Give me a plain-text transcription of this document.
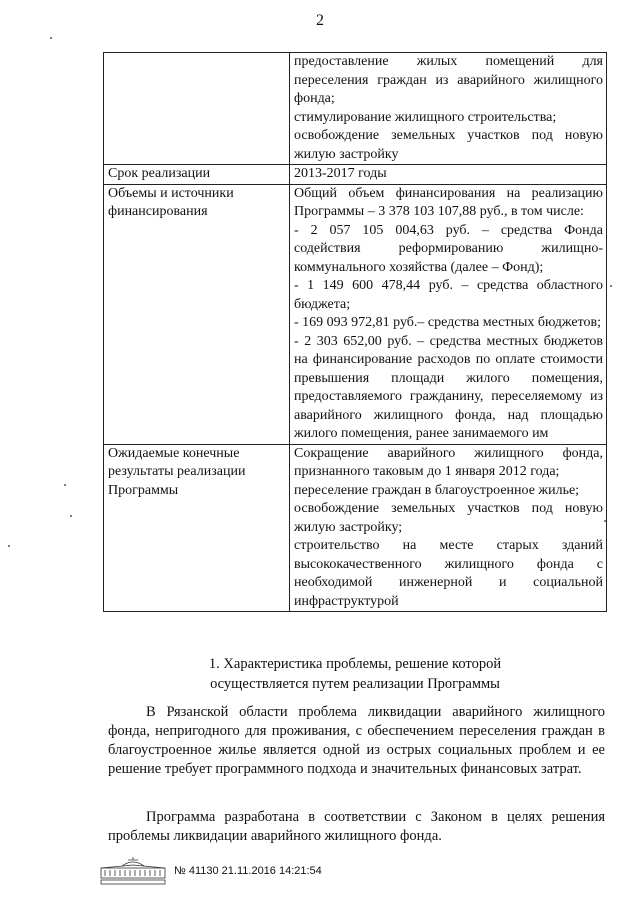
2

	предоставление жилых помещений для переселения граждан из аварийного жилищного фонда;
стимулирование жилищного строительства;
освобождение земельных участков под новую жилую застройку

Срок реализации	2013-2017 годы

Объемы и источники финансирования	Общий объем финансирования на реализацию Программы – 3 378 103 107,88 руб., в том числе:
- 2 057 105 004,63 руб. – средства Фонда содействия реформированию жилищно-коммунального хозяйства (далее – Фонд);
- 1 149 600 478,44 руб. – средства областного бюджета;
- 169 093 972,81 руб.– средства местных бюджетов;
- 2 303 652,00 руб. – средства местных бюджетов на финансирование расходов по оплате стоимости превышения площади жилого помещения, предоставляемого гражданину, переселяемому из аварийного жилищного фонда, над площадью жилого помещения, ранее занимаемого им

Ожидаемые конечные результаты реализации Программы	Сокращение аварийного жилищного фонда, признанного таковым до 1 января 2012 года;
переселение граждан в благоустроенное жилье;
освобождение земельных участков под новую жилую застройку;
строительство на месте старых зданий высококачественного жилищного фонда с необходимой инженерной и социальной инфраструктурой
1. Характеристика проблемы, решение которой
осуществляется путем реализации Программы

В Рязанской области проблема ликвидации аварийного жилищного фонда, непригодного для проживания, с обеспечением переселения граждан в благоустроенное жилье является одной из острых социальных проблем и ее решение требует программного подхода и значительных финансовых затрат.

Программа разработана в соответствии с Законом в целях решения проблемы ликвидации аварийного жилищного фонда.

№ 41130 21.11.2016 14:21:54
